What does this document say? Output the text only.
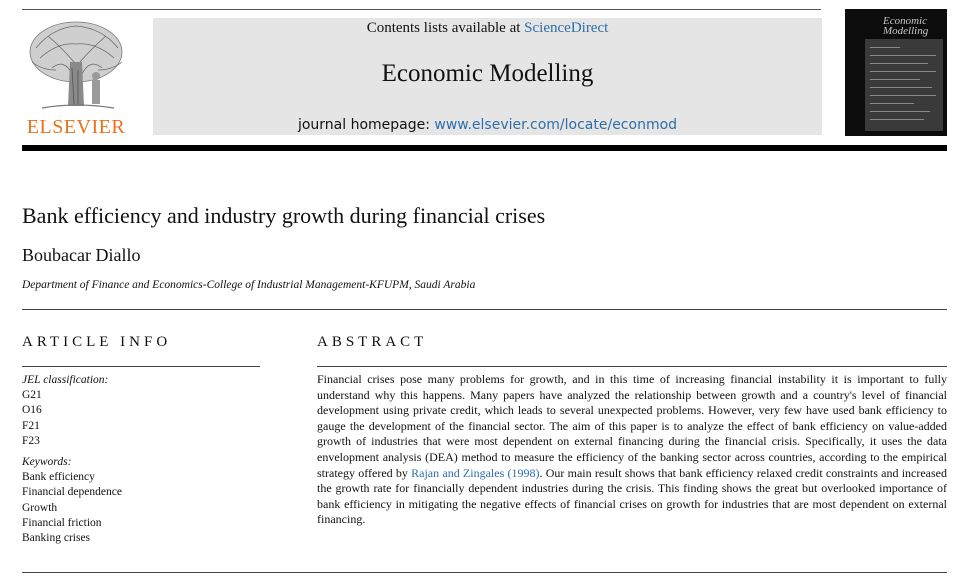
ELSEVIER
Contents lists available at ScienceDirect
Economic Modelling
journal homepage: www.elsevier.com/locate/econmod
Economic
Modelling
Bank efficiency and industry growth during financial crises
Boubacar Diallo
Department of Finance and Economics-College of Industrial Management-KFUPM, Saudi Arabia
ARTICLE INFO
JEL classification:
G21
O16
F21
F23
Keywords:
Bank efficiency
Financial dependence
Growth
Financial friction
Banking crises
ABSTRACT
Financial crises pose many problems for growth, and in this time of increasing financial instability it is important to fully understand why this happens. Many papers have analyzed the relationship between growth and a country's level of financial development using private credit, which leads to several unexpected problems. However, very few have used bank efficiency to gauge the development of the financial sector. The aim of this paper is to analyze the effect of bank efficiency on value-added growth of industries that were most dependent on external financing during the financial crisis. Specifically, it uses the data envelopment analysis (DEA) method to measure the efficiency of the banking sector across countries, according to the empirical strategy offered by Rajan and Zingales (1998). Our main result shows that bank efficiency relaxed credit constraints and increased the growth rate for financially dependent industries during the crisis. This finding shows the great but overlooked importance of bank efficiency in mitigating the negative effects of financial crises on growth for industries that are most dependent on external financing.
